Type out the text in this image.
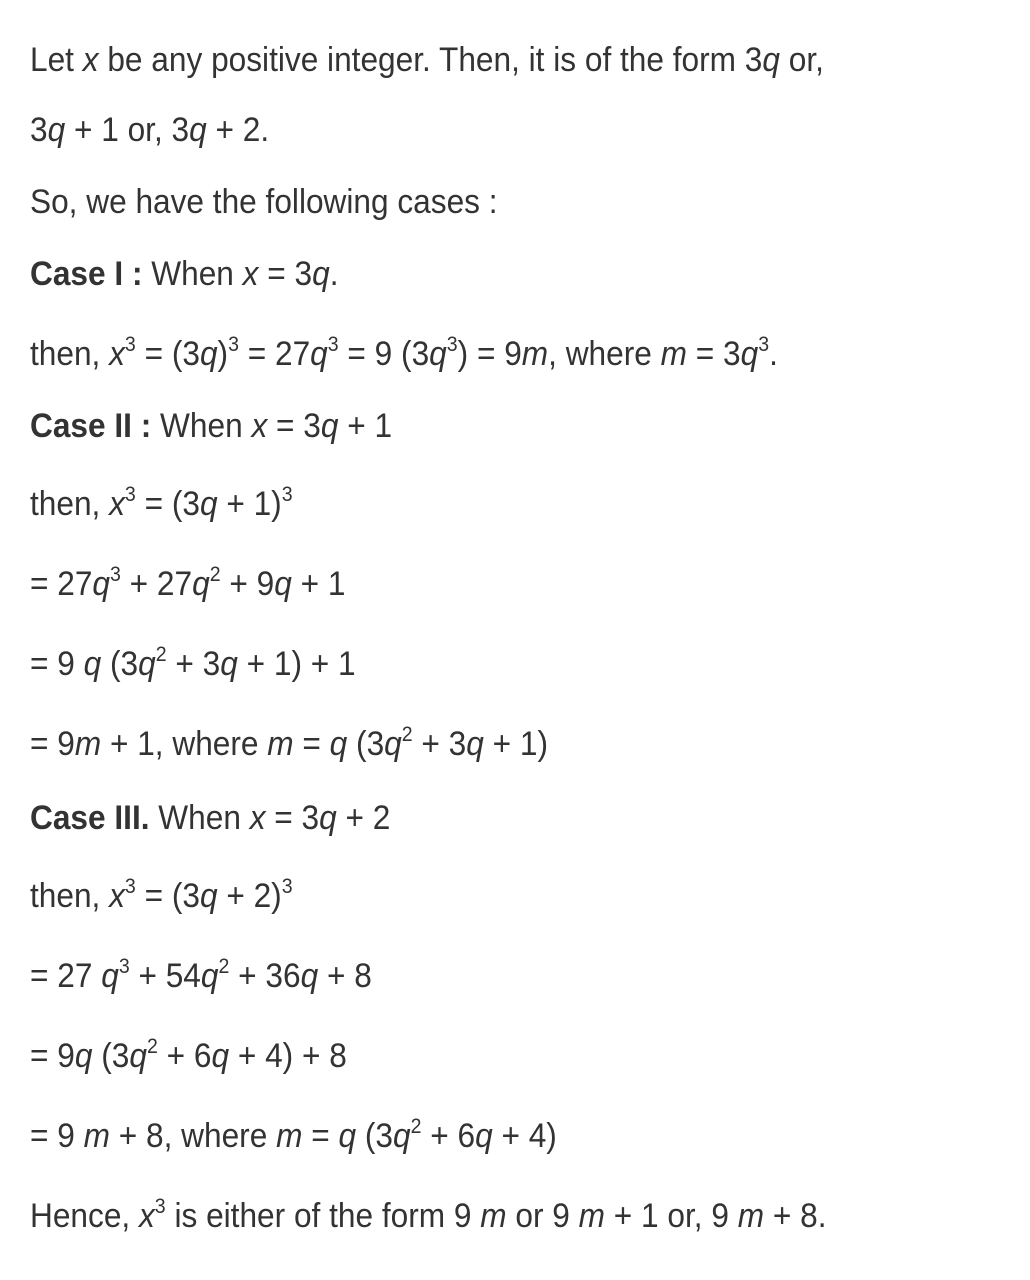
Let x be any positive integer. Then, it is of the form 3q or,
3q + 1 or, 3q + 2.
So, we have the following cases :
Case I : When x = 3q.
then, $x^3 = (3q)^3 = 27q^3 = 9$ $(3q^3) = 9m$, where $m = 3q^3$.
Case II : When x = 3q + 1
then, $x^3 = (3q + 1)^3$
= $27q^3 + 27q^2 + 9q + 1$
= 9 q $(3q^2 + 3q + 1) + 1$
= 9m + 1, where m = q $(3q^2 + 3q + 1)$
Case III. When x = 3q + 2
then, $x^3 = (3q + 2)^3$
= 27 $q^3 + 54q^2 + 36q + 8$
= 9q $(3q^2 + 6q + 4) + 8$
= 9 m + 8, where m = q $(3q^2 + 6q + 4)$
Hence, $x^3$ is either of the form 9 m or 9 m + 1 or, 9 m + 8.
